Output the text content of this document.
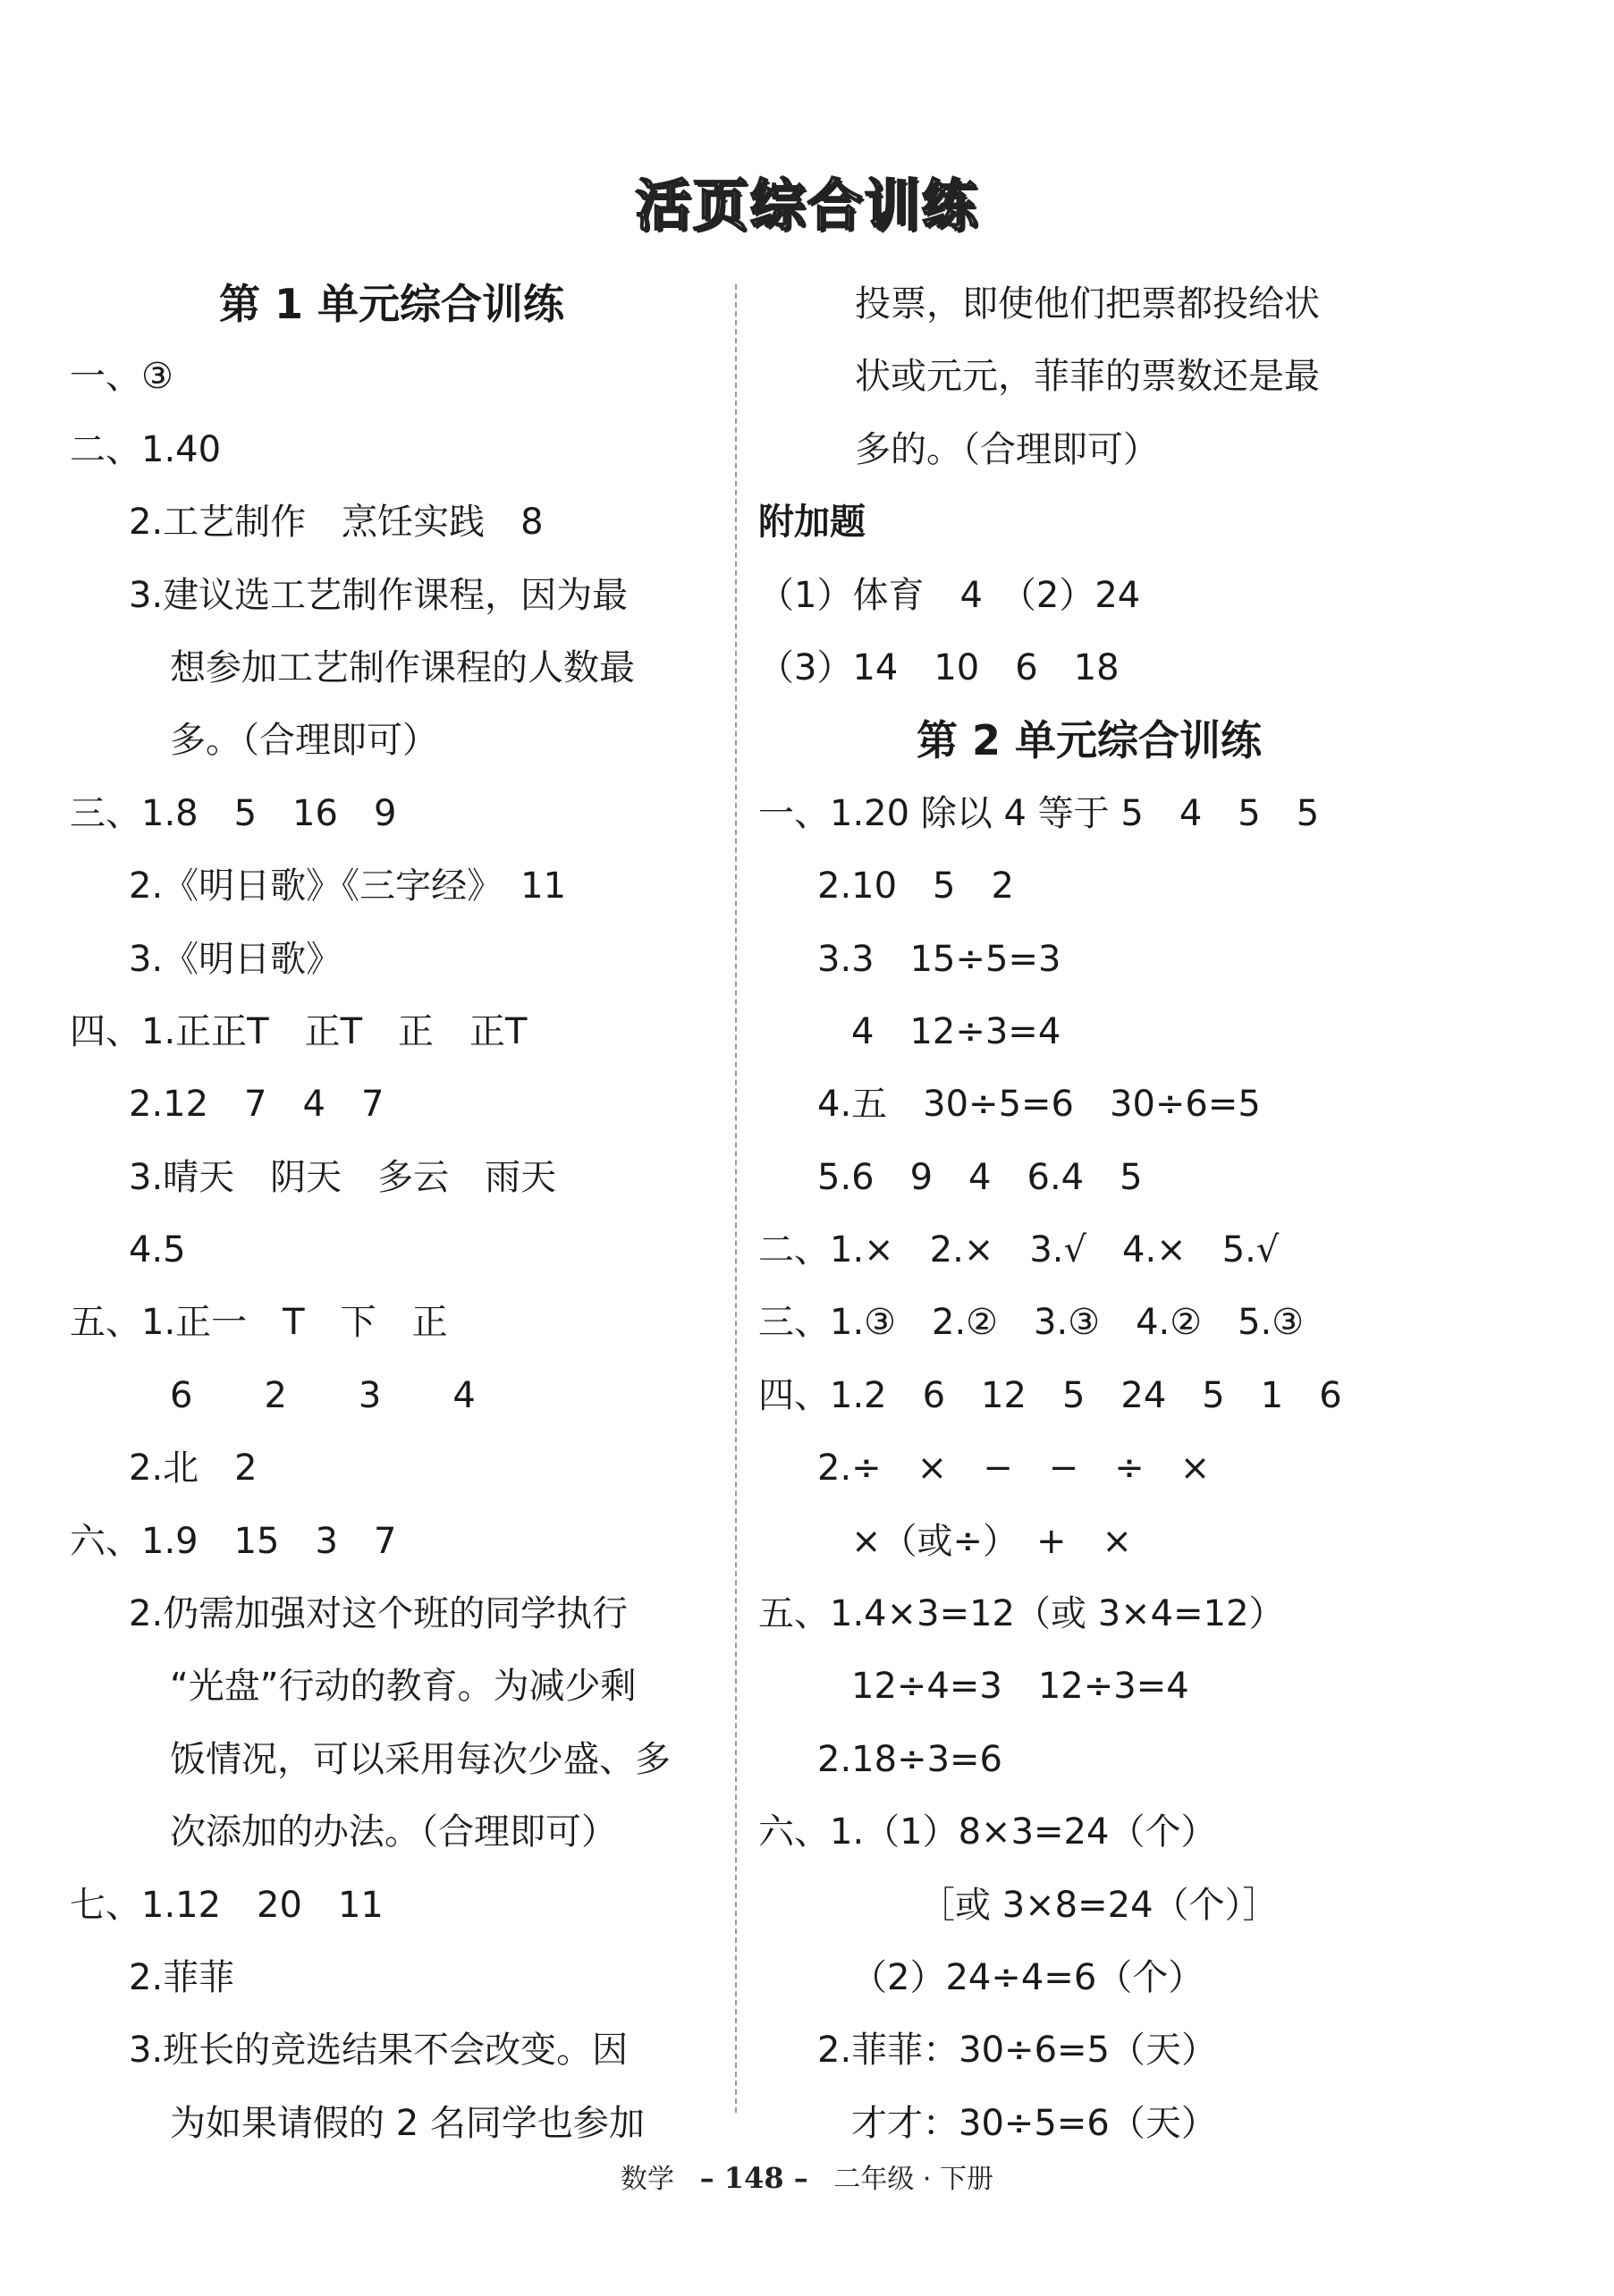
活页综合训练
第 1 单元综合训练
一、③
二、1.40
2.工艺制作　烹饪实践　8
3.建议选工艺制作课程，因为最
想参加工艺制作课程的人数最
多。（合理即可）
三、1.8　5　16　9
2.《明日歌》《三字经》　11
3.《明日歌》
四、1.正正T　正T　正　正T
2.12　7　4　7
3.晴天　阴天　多云　雨天
4.5
五、1.正一　T　下　正
6　　2　　3　　4
2.北　2
六、1.9　15　3　7
2.仍需加强对这个班的同学执行
“光盘”行动的教育。为减少剩
饭情况，可以采用每次少盛、多
次添加的办法。（合理即可）
七、1.12　20　11
2.菲菲
3.班长的竞选结果不会改变。因
为如果请假的 2 名同学也参加
投票，即使他们把票都投给状
状或元元，菲菲的票数还是最
多的。（合理即可）
附加题
（1）体育　4　（2）24
（3）14　10　6　18
第 2 单元综合训练
一、1.20 除以 4 等于 5　4　5　5
2.10　5　2
3.3　15÷5=3
4　12÷3=4
4.五　30÷5=6　30÷6=5
5.6　9　4　6.4　5
二、1.×　2.×　3.√　4.×　5.√
三、1.③　2.②　3.③　4.②　5.③
四、1.2　6　12　5　24　5　1　6
2.÷　×　−　−　÷　×
×（或÷）　+　×
五、1.4×3=12（或 3×4=12）
12÷4=3　12÷3=4
2.18÷3=6
六、1.（1）8×3=24（个）
［或 3×8=24（个）］
（2）24÷4=6（个）
2.菲菲：30÷6=5（天）
才才：30÷5=6（天）
数学 – 148 – 二年级 · 下册
